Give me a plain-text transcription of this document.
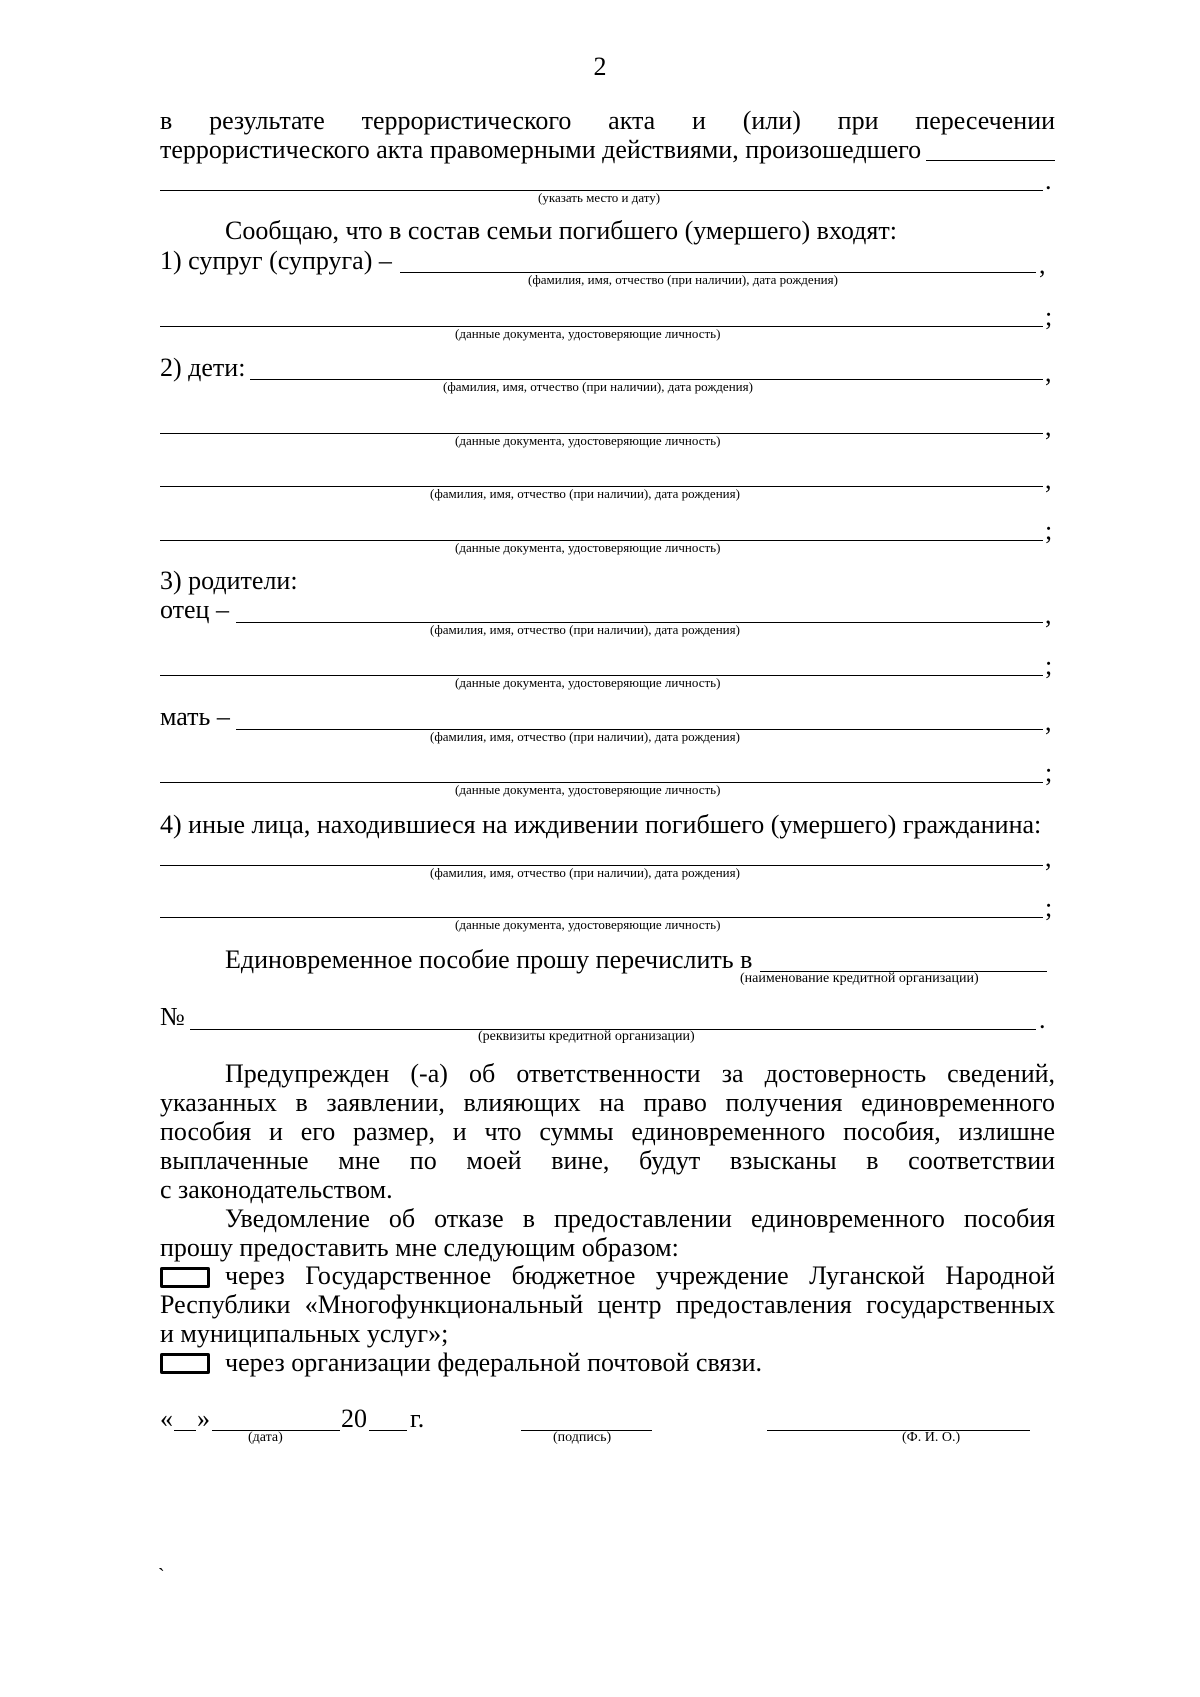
2
в результате террористического акта и (или) при пересечении
террористического акта правомерными действиями, произошедшего
.
(указать место и дату)
Сообщаю, что в состав семьи погибшего (умершего) входят:
1) супруг (супруга) –	,
(фамилия, имя, отчество (при наличии), дата рождения)
;
(данные документа, удостоверяющие личность)
2) дети:	,
(фамилия, имя, отчество (при наличии), дата рождения)
,
(данные документа, удостоверяющие личность)
,
(фамилия, имя, отчество (при наличии), дата рождения)
;
(данные документа, удостоверяющие личность)
3) родители:
отец –	,
(фамилия, имя, отчество (при наличии), дата рождения)
;
(данные документа, удостоверяющие личность)
мать –	,
(фамилия, имя, отчество (при наличии), дата рождения)
;
(данные документа, удостоверяющие личность)
4) иные лица, находившиеся на иждивении погибшего (умершего) гражданина:
,
(фамилия, имя, отчество (при наличии), дата рождения)
;
(данные документа, удостоверяющие личность)
Единовременное пособие прошу перечислить в
(наименование кредитной организации)
№	.
(реквизиты кредитной организации)
Предупрежден (-а) об ответственности за достоверность сведений,
указанных в заявлении, влияющих на право получения единовременного
пособия и его размер, и что суммы единовременного пособия, излишне
выплаченные мне по моей вине, будут взысканы в соответствии
с законодательством.
Уведомление об отказе в предоставлении единовременного пособия
прошу предоставить мне следующим образом:
через Государственное бюджетное учреждение Луганской Народной
Республики «Многофункциональный центр предоставления государственных
и муниципальных услуг»;
через организации федеральной почтовой связи.
« »	20 г.
(дата)	(подпись)	(Ф. И. О.)
`
